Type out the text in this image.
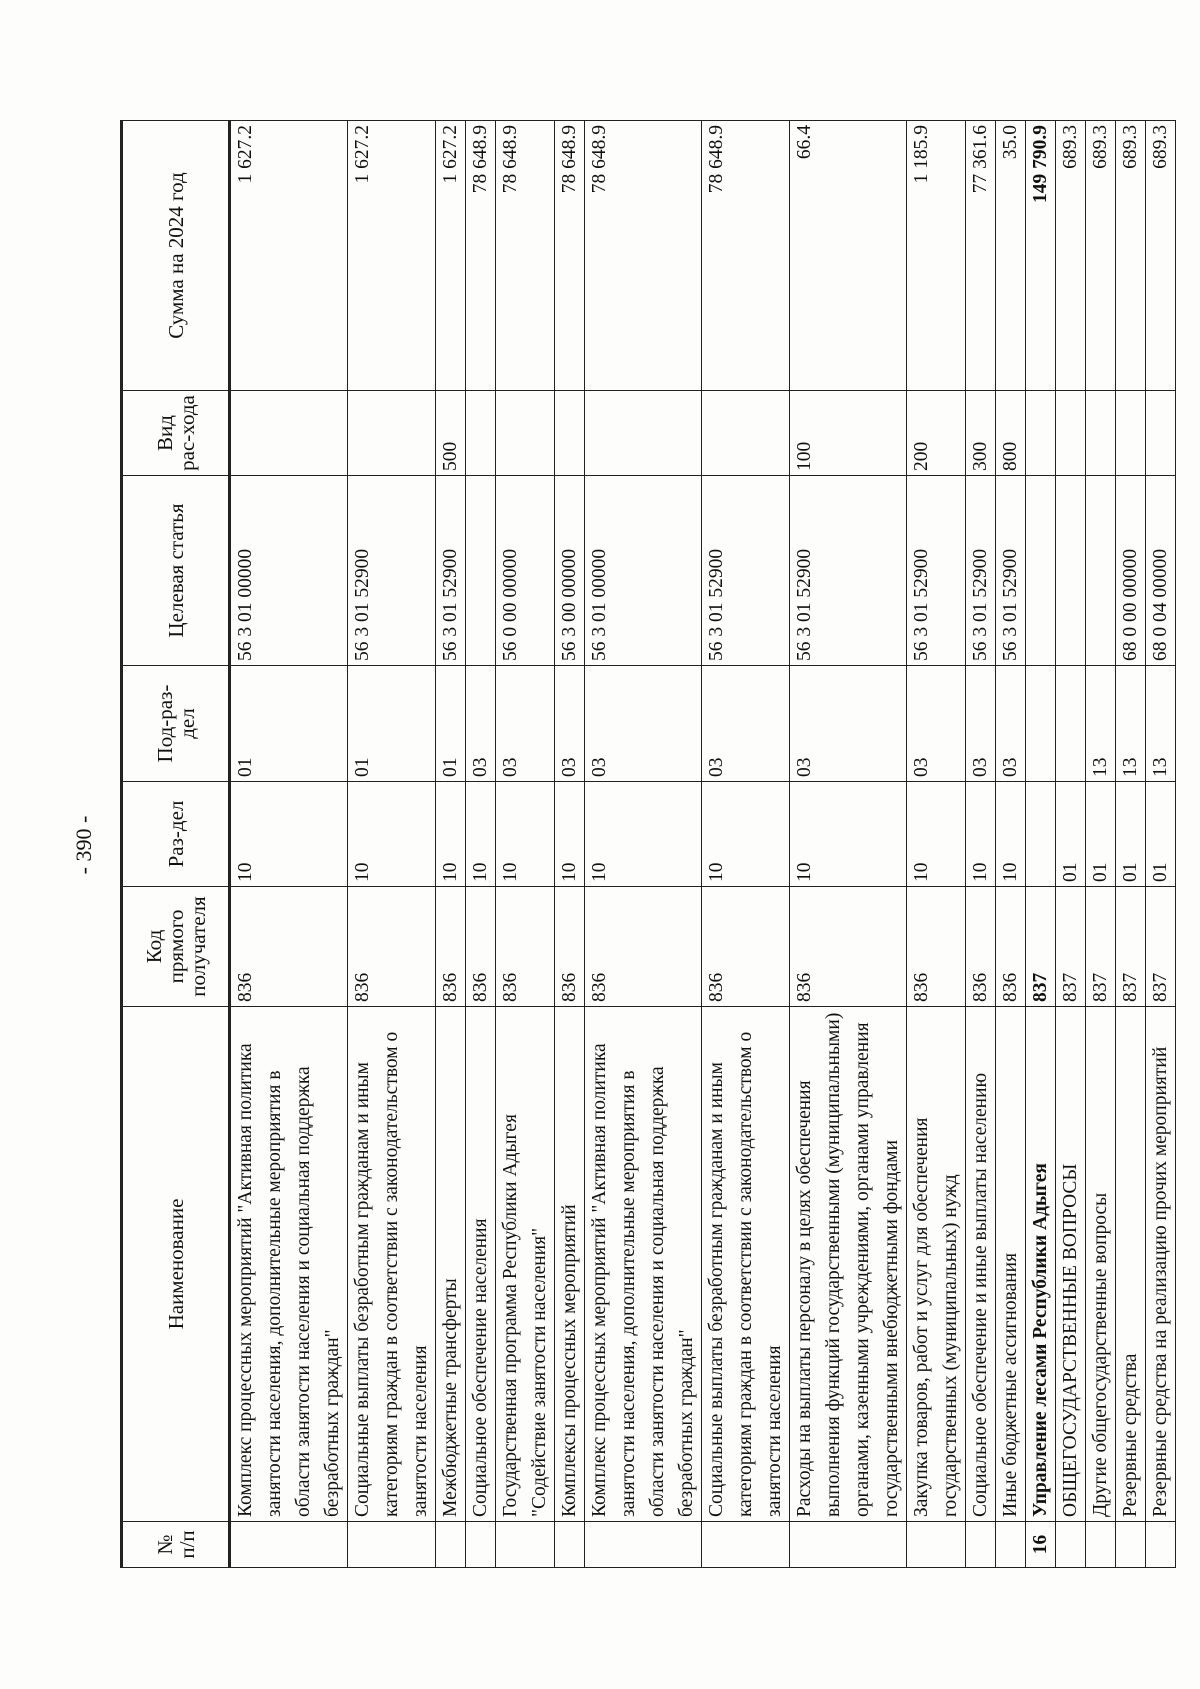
- 390 -
№ п/п	Наименование	Код прямого получателя	Раз-дел	Под-раз-дел	Целевая статья	Вид рас-хода	Сумма на 2024 год
	Комплекс процессных мероприятий "Активная политика занятости населения, дополнительные мероприятия в области занятости населения и социальная поддержка безработных граждан"	836	10	01	56 3 01 00000		1 627.2
	Социальные выплаты безработным гражданам и иным категориям граждан в соответствии с законодательством о занятости населения	836	10	01	56 3 01 52900		1 627.2
	Межбюджетные трансферты	836	10	01	56 3 01 52900	500	1 627.2
	Социальное обеспечение населения	836	10	03			78 648.9
	Государственная программа Республики Адыгея "Содействие занятости населения"	836	10	03	56 0 00 00000		78 648.9
	Комплексы процессных мероприятий	836	10	03	56 3 00 00000		78 648.9
	Комплекс процессных мероприятий "Активная политика занятости населения, дополнительные мероприятия в области занятости населения и социальная поддержка безработных граждан"	836	10	03	56 3 01 00000		78 648.9
	Социальные выплаты безработным гражданам и иным категориям граждан в соответствии с законодательством о занятости населения	836	10	03	56 3 01 52900		78 648.9
	Расходы на выплаты персоналу в целях обеспечения выполнения функций государственными (муниципальными) органами, казенными учреждениями, органами управления государственными внебюджетными фондами	836	10	03	56 3 01 52900	100	66.4
	Закупка товаров, работ и услуг для обеспечения государственных (муниципальных) нужд	836	10	03	56 3 01 52900	200	1 185.9
	Социальное обеспечение и иные выплаты населению	836	10	03	56 3 01 52900	300	77 361.6
	Иные бюджетные ассигнования	836	10	03	56 3 01 52900	800	35.0
16	Управление лесами Республики Адыгея	837					149 790.9
	ОБЩЕГОСУДАРСТВЕННЫЕ ВОПРОСЫ	837	01				689.3
	Другие общегосударственные вопросы	837	01	13			689.3
	Резервные средства	837	01	13	68 0 00 00000		689.3
	Резервные средства на реализацию прочих мероприятий	837	01	13	68 0 04 00000		689.3
